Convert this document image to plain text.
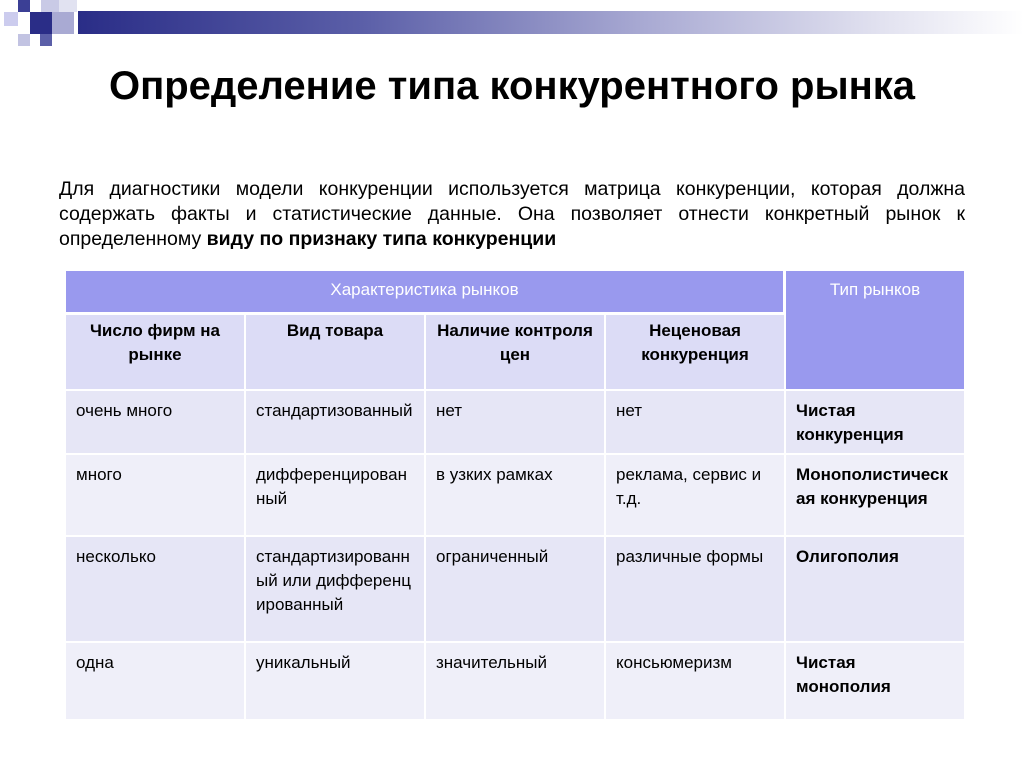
Определение типа конкурентного рынка

Для диагностики модели конкуренции используется матрица конкуренции, которая должна содержать факты и статистические данные. Она позволяет отнести конкретный рынок к определенному виду по признаку типа конкуренции

Характеристика рынков				Тип рынков
Число фирм на рынке	Вид товара	Наличие контроля цен	Неценовая конкуренция	
очень много	стандартизованный	нет	нет	Чистая конкуренция
много	дифференцированный	в узких рамках	реклама, сервис и т.д.	Монополистическая конкуренция
несколько	стандартизированный или дифференцированный	ограниченный	различные формы	Олигополия
одна	уникальный	значительный	консьюмеризм	Чистая монополия
